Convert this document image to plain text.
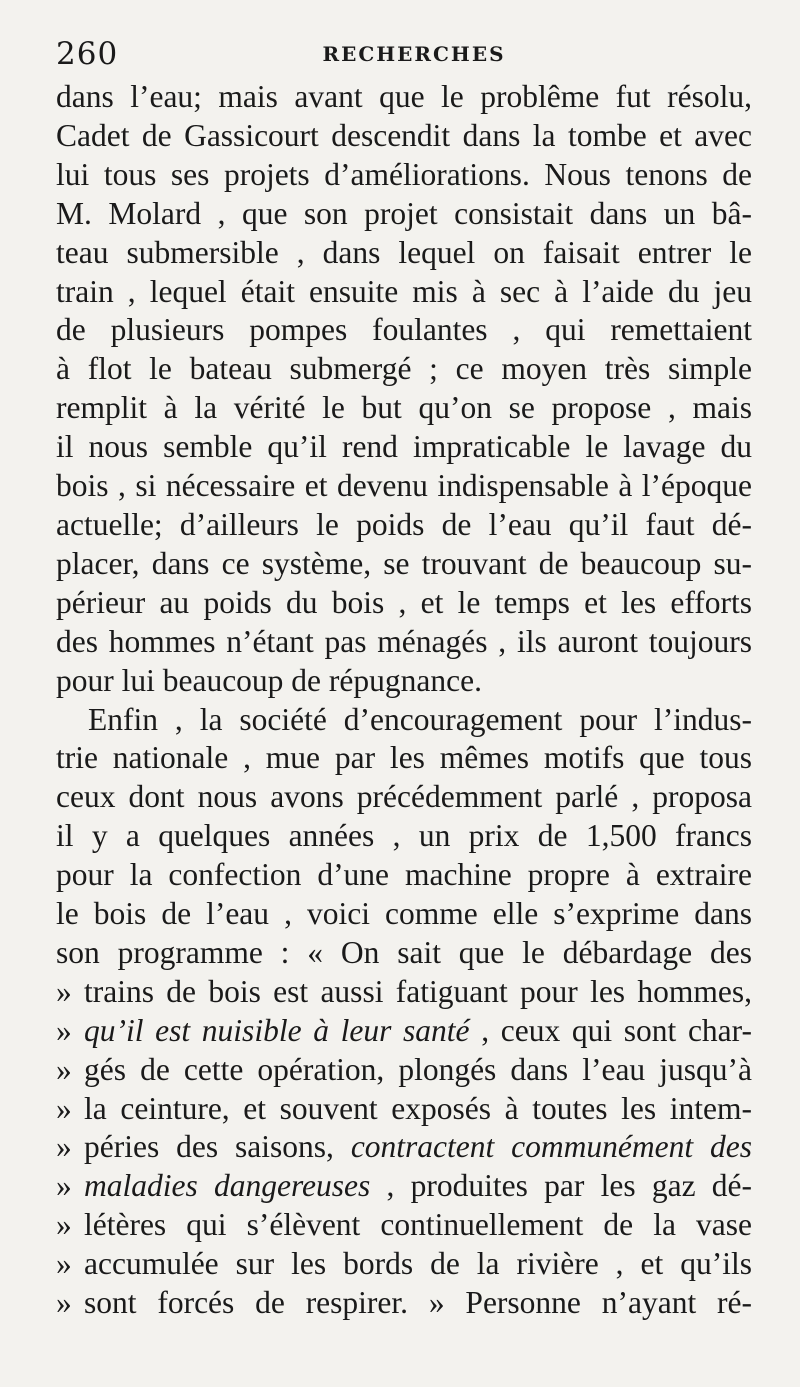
260	RECHERCHES
dans l’eau; mais avant que le problême fut résolu,
Cadet de Gassicourt descendit dans la tombe et avec
lui tous ses projets d’améliorations. Nous tenons de
M. Molard , que son projet consistait dans un bâ-
teau submersible , dans lequel on faisait entrer le
train , lequel était ensuite mis à sec à l’aide du jeu
de plusieurs pompes foulantes , qui remettaient
à flot le bateau submergé ; ce moyen très simple
remplit à la vérité le but qu’on se propose , mais
il nous semble qu’il rend impraticable le lavage du
bois , si nécessaire et devenu indispensable à l’époque
actuelle; d’ailleurs le poids de l’eau qu’il faut dé-
placer, dans ce système, se trouvant de beaucoup su-
périeur au poids du bois , et le temps et les efforts
des hommes n’étant pas ménagés , ils auront toujours
pour lui beaucoup de répugnance.
Enfin , la société d’encouragement pour l’indus-
trie nationale , mue par les mêmes motifs que tous
ceux dont nous avons précédemment parlé , proposa
il y a quelques années , un prix de 1,500 francs
pour la confection d’une machine propre à extraire
le bois de l’eau , voici comme elle s’exprime dans
son programme : « On sait que le débardage des
» trains de bois est aussi fatiguant pour les hommes,
» qu’il est nuisible à leur santé , ceux qui sont char-
» gés de cette opération, plongés dans l’eau jusqu’à
» la ceinture, et souvent exposés à toutes les intem-
» péries des saisons, contractent communément des
» maladies dangereuses , produites par les gaz dé-
» létères qui s’élèvent continuellement de la vase
» accumulée sur les bords de la rivière , et qu’ils
» sont forcés de respirer. » Personne n’ayant ré-
